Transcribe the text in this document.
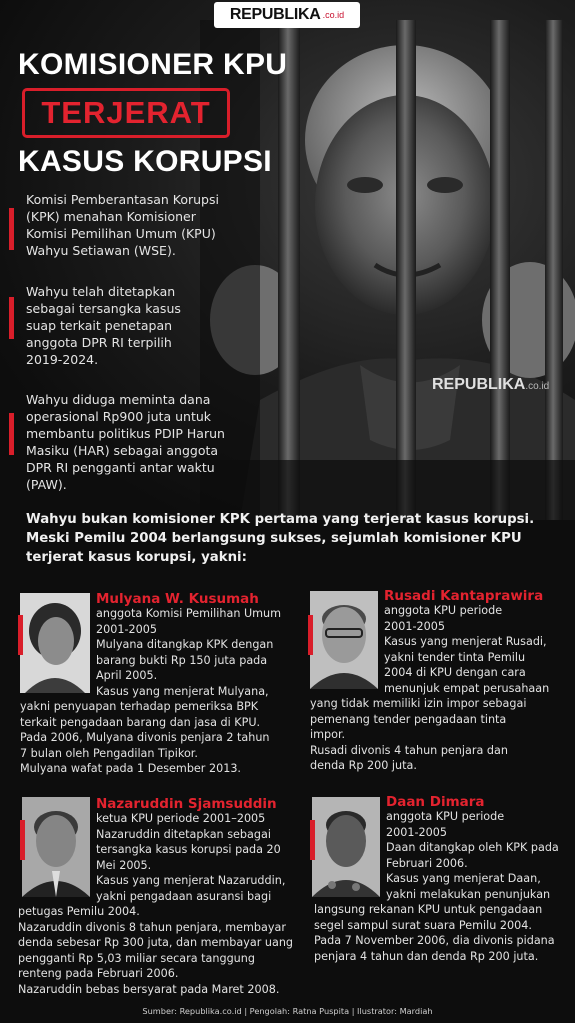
REPUBLIKA .co.id
KOMISIONER KPU
TERJERAT
KASUS KORUPSI
Komisi Pemberantasan Korupsi
(KPK) menahan Komisioner
Komisi Pemilihan Umum (KPU)
Wahyu Setiawan (WSE).
Wahyu telah ditetapkan
sebagai tersangka kasus
suap terkait penetapan
anggota DPR RI terpilih
2019-2024.
Wahyu diduga meminta dana
operasional Rp900 juta untuk
membantu politikus PDIP Harun
Masiku (HAR) sebagai anggota
DPR RI pengganti antar waktu
(PAW).
REPUBLIKA.co.id
Wahyu bukan komisioner KPK pertama yang terjerat kasus korupsi.
Meski Pemilu 2004 berlangsung sukses, sejumlah komisioner KPU
terjerat kasus korupsi, yakni:
Mulyana W. Kusumah
anggota Komisi Pemilihan Umum
2001-2005
Mulyana ditangkap KPK dengan
barang bukti Rp 150 juta pada
April 2005.
Kasus yang menjerat Mulyana,
yakni penyuapan terhadap pemeriksa BPK
terkait pengadaan barang dan jasa di KPU.
Pada 2006, Mulyana divonis penjara 2 tahun
7 bulan oleh Pengadilan Tipikor.
Mulyana wafat pada 1 Desember 2013.
Rusadi Kantaprawira
anggota KPU periode
2001-2005
Kasus yang menjerat Rusadi,
yakni tender tinta Pemilu
2004 di KPU dengan cara
menunjuk empat perusahaan
yang tidak memiliki izin impor sebagai
pemenang tender pengadaan tinta
impor.
Rusadi divonis 4 tahun penjara dan
denda Rp 200 juta.
Nazaruddin Sjamsuddin
ketua KPU periode 2001–2005
Nazaruddin ditetapkan sebagai
tersangka kasus korupsi pada 20
Mei 2005.
Kasus yang menjerat Nazaruddin,
yakni pengadaan asuransi bagi
petugas Pemilu 2004.
Nazaruddin divonis 8 tahun penjara, membayar
denda sebesar Rp 300 juta, dan membayar uang
pengganti Rp 5,03 miliar secara tanggung
renteng pada Februari 2006.
Nazaruddin bebas bersyarat pada Maret 2008.
Daan Dimara
anggota KPU periode
2001-2005
Daan ditangkap oleh KPK pada
Februari 2006.
Kasus yang menjerat Daan,
yakni melakukan penunjukan
langsung rekanan KPU untuk pengadaan
segel sampul surat suara Pemilu 2004.
Pada 7 November 2006, dia divonis pidana
penjara 4 tahun dan denda Rp 200 juta.
Sumber: Republika.co.id | Pengolah: Ratna Puspita | Ilustrator: Mardiah
